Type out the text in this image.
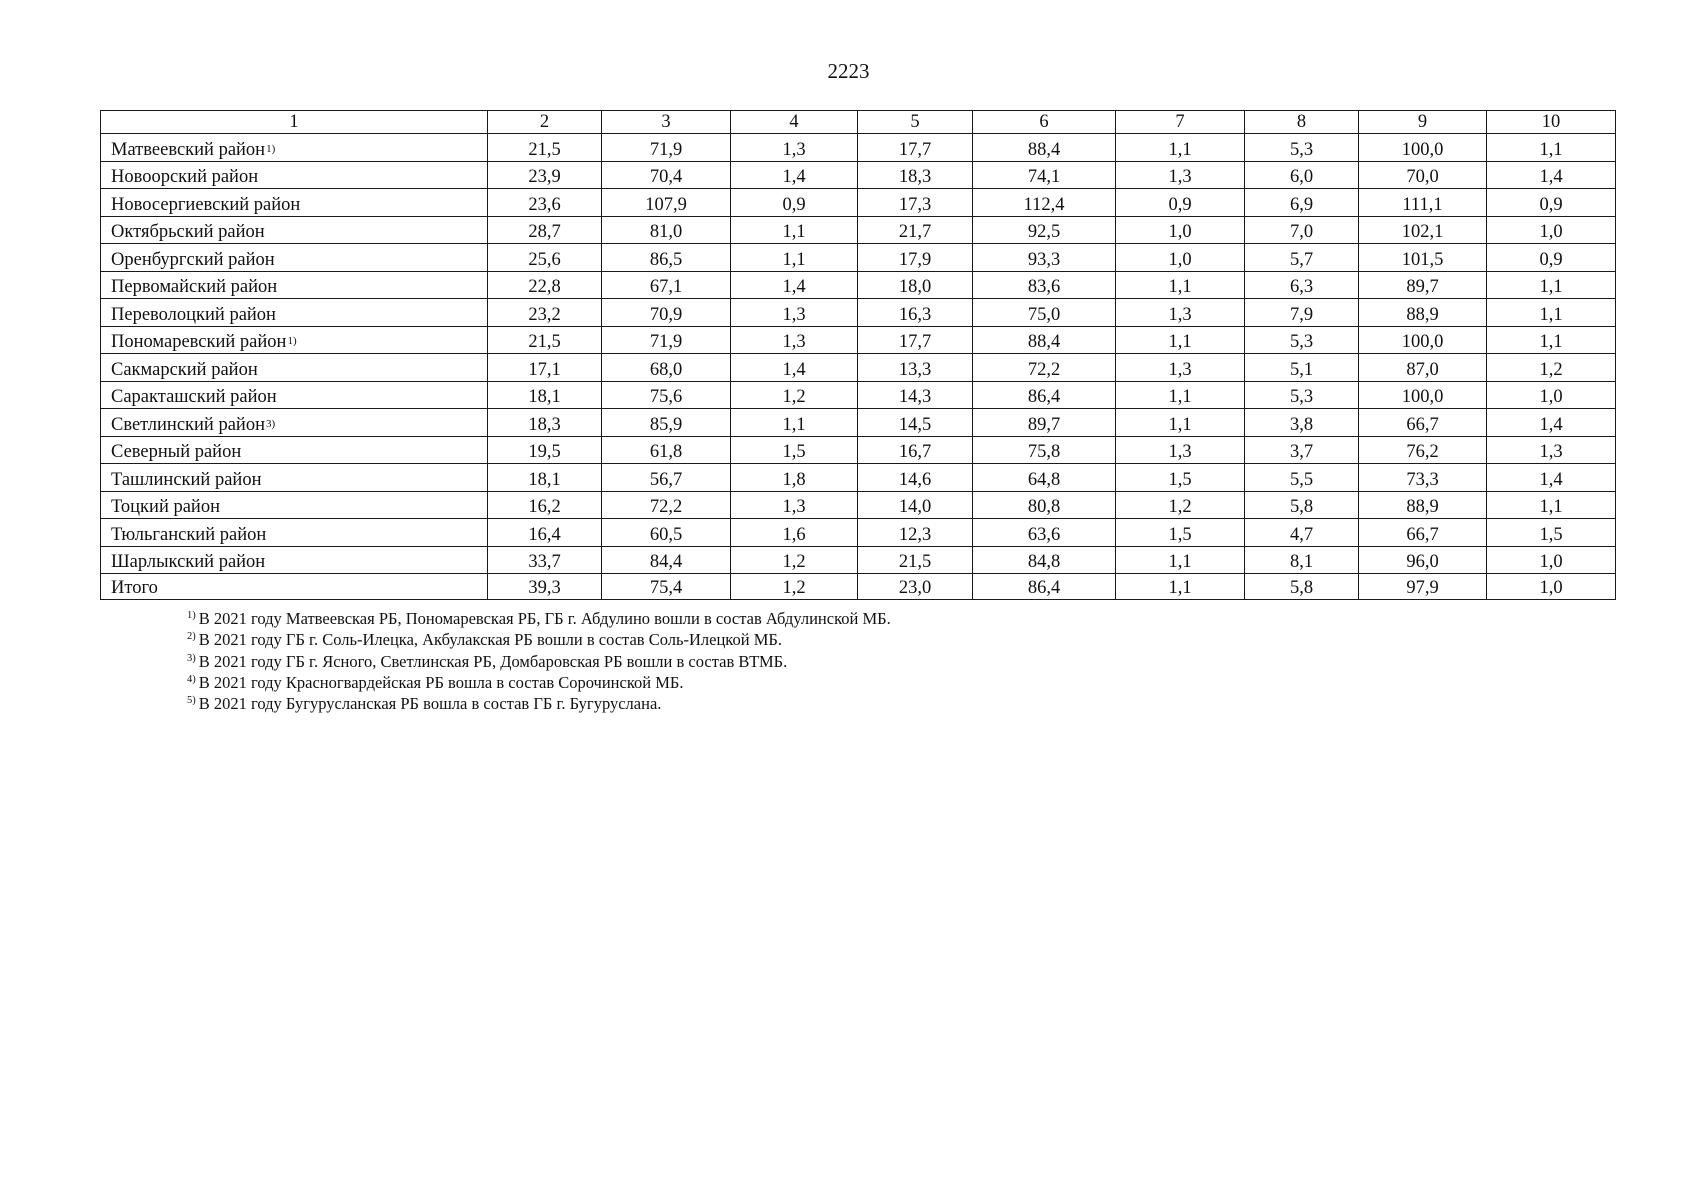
2223
1	2	3	4	5	6	7	8	9	10
Матвеевский район$^{1)}$	21,5	71,9	1,3	17,7	88,4	1,1	5,3	100,0	1,1
Новоорский район	23,9	70,4	1,4	18,3	74,1	1,3	6,0	70,0	1,4
Новосергиевский район	23,6	107,9	0,9	17,3	112,4	0,9	6,9	111,1	0,9
Октябрьский район	28,7	81,0	1,1	21,7	92,5	1,0	7,0	102,1	1,0
Оренбургский район	25,6	86,5	1,1	17,9	93,3	1,0	5,7	101,5	0,9
Первомайский район	22,8	67,1	1,4	18,0	83,6	1,1	6,3	89,7	1,1
Переволоцкий район	23,2	70,9	1,3	16,3	75,0	1,3	7,9	88,9	1,1
Пономаревский район$^{1)}$	21,5	71,9	1,3	17,7	88,4	1,1	5,3	100,0	1,1
Сакмарский район	17,1	68,0	1,4	13,3	72,2	1,3	5,1	87,0	1,2
Саракташский район	18,1	75,6	1,2	14,3	86,4	1,1	5,3	100,0	1,0
Светлинский район$^{3)}$	18,3	85,9	1,1	14,5	89,7	1,1	3,8	66,7	1,4
Северный район	19,5	61,8	1,5	16,7	75,8	1,3	3,7	76,2	1,3
Ташлинский район	18,1	56,7	1,8	14,6	64,8	1,5	5,5	73,3	1,4
Тоцкий район	16,2	72,2	1,3	14,0	80,8	1,2	5,8	88,9	1,1
Тюльганский район	16,4	60,5	1,6	12,3	63,6	1,5	4,7	66,7	1,5
Шарлыкский район	33,7	84,4	1,2	21,5	84,8	1,1	8,1	96,0	1,0
Итого	39,3	75,4	1,2	23,0	86,4	1,1	5,8	97,9	1,0
$^{1)}$ В 2021 году Матвеевская РБ, Пономаревская РБ, ГБ г. Абдулино вошли в состав Абдулинской МБ.
$^{2)}$ В 2021 году ГБ г. Соль-Илецка, Акбулакская РБ вошли в состав Соль-Илецкой МБ.
$^{3)}$ В 2021 году ГБ г. Ясного, Светлинская РБ, Домбаровская РБ вошли в состав ВТМБ.
$^{4)}$ В 2021 году Красногвардейская РБ вошла в состав Сорочинской МБ.
$^{5)}$ В 2021 году Бугурусланская РБ вошла в состав ГБ г. Бугуруслана.
